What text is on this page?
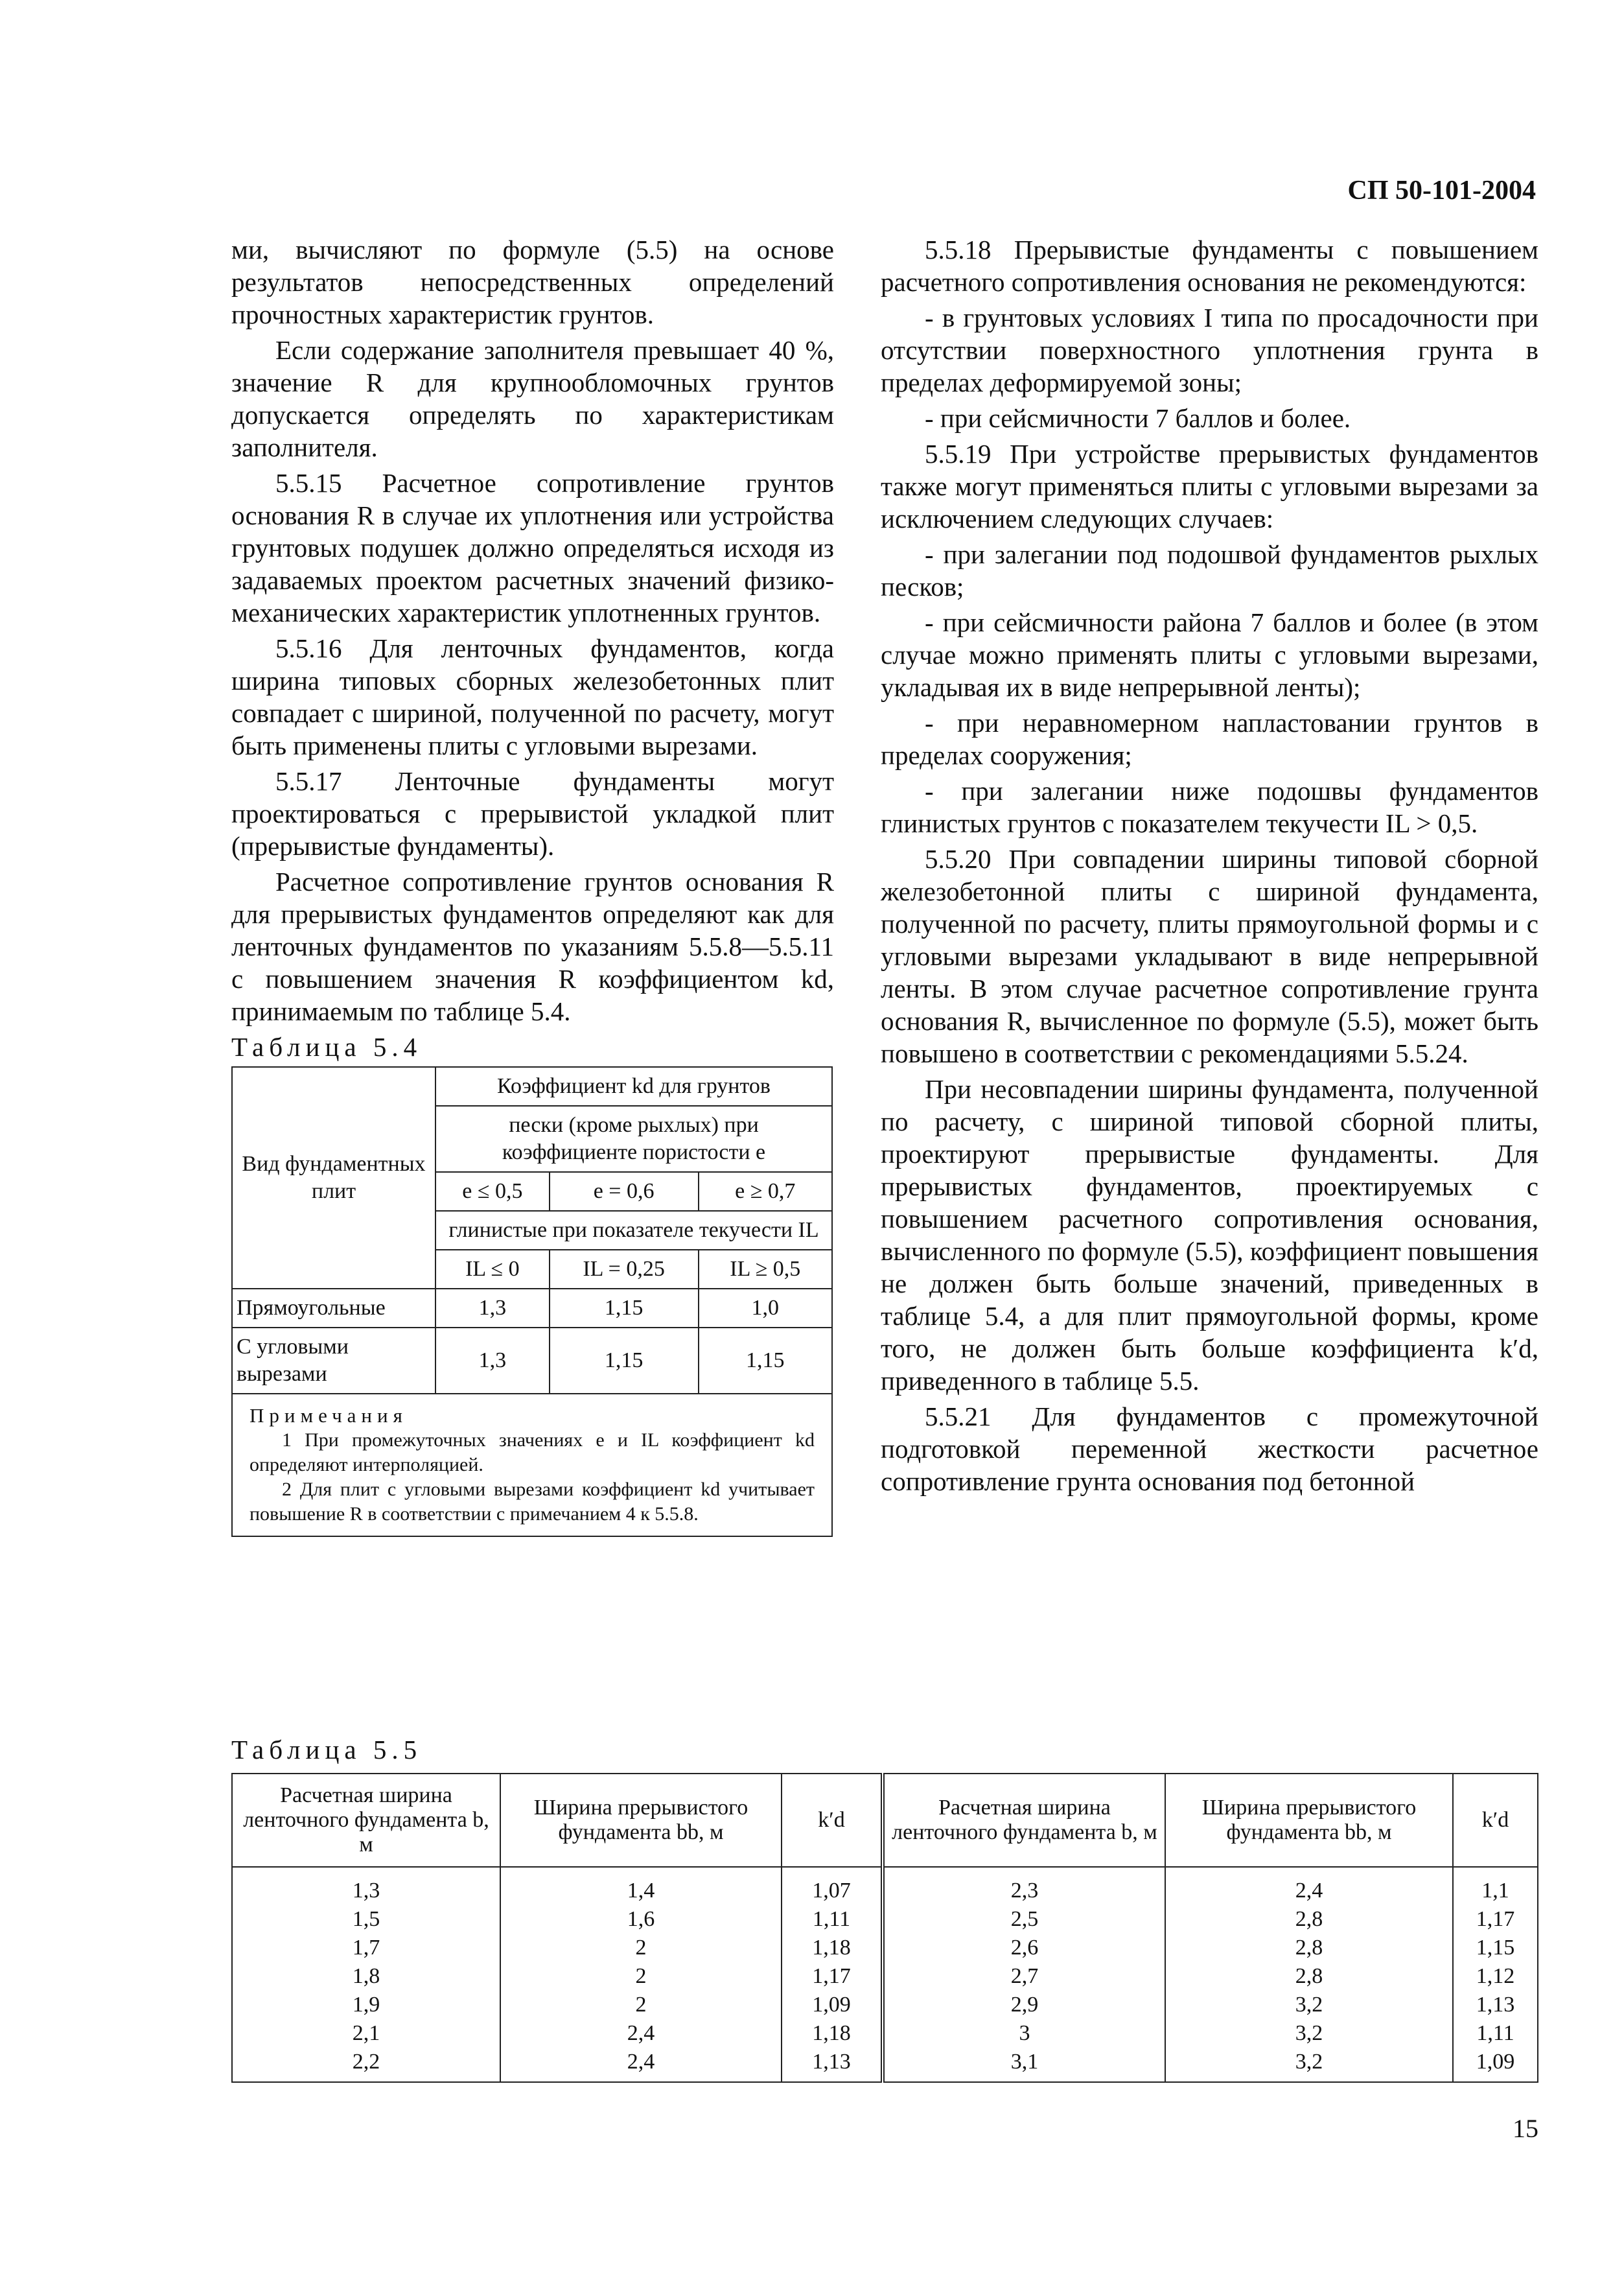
СП 50-101-2004

ми, вычисляют по формуле (5.5) на основе результатов непосредственных определений прочностных характеристик грунтов.

Если содержание заполнителя превышает 40 %, значение R для крупнообломочных грунтов допускается определять по характеристикам заполнителя.

5.5.15 Расчетное сопротивление грунтов основания R в случае их уплотнения или устройства грунтовых подушек должно определяться исходя из задаваемых проектом расчетных значений физико-механических характеристик уплотненных грунтов.

5.5.16 Для ленточных фундаментов, когда ширина типовых сборных железобетонных плит совпадает с шириной, полученной по расчету, могут быть применены плиты с угловыми вырезами.

5.5.17 Ленточные фундаменты могут проектироваться с прерывистой укладкой плит (прерывистые фундаменты).

Расчетное сопротивление грунтов основания R для прерывистых фундаментов определяют как для ленточных фундаментов по указаниям 5.5.8—5.5.11 с повышением значения R коэффициентом kd, принимаемым по таблице 5.4.

Таблица 5.4

Вид фундаментных плит	Коэффициент kd для грунтов		
	пески (кроме рыхлых) при коэффициенте пористости e		
	e ≤ 0,5	e = 0,6	e ≥ 0,7
	глинистые при показателе текучести IL		
	IL ≤ 0	IL = 0,25	IL ≥ 0,5
Прямоугольные	1,3	1,15	1,0
С угловыми вырезами	1,3	1,15	1,15

Примечания

1 При промежуточных значениях e и IL коэффициент kd определяют интерполяцией.

2 Для плит с угловыми вырезами коэффициент kd учитывает повышение R в соответствии с примечанием 4 к 5.5.8.			

5.5.18 Прерывистые фундаменты с повышением расчетного сопротивления основания не рекомендуются:

- в грунтовых условиях I типа по просадочности при отсутствии поверхностного уплотнения грунта в пределах деформируемой зоны;

- при сейсмичности 7 баллов и более.

5.5.19 При устройстве прерывистых фундаментов также могут применяться плиты с угловыми вырезами за исключением следующих случаев:

- при залегании под подошвой фундаментов рыхлых песков;

- при сейсмичности района 7 баллов и более (в этом случае можно применять плиты с угловыми вырезами, укладывая их в виде непрерывной ленты);

- при неравномерном напластовании грунтов в пределах сооружения;

- при залегании ниже подошвы фундаментов глинистых грунтов с показателем текучести IL > 0,5.

5.5.20 При совпадении ширины типовой сборной железобетонной плиты с шириной фундамента, полученной по расчету, плиты прямоугольной формы и с угловыми вырезами укладывают в виде непрерывной ленты. В этом случае расчетное сопротивление грунта основания R, вычисленное по формуле (5.5), может быть повышено в соответствии с рекомендациями 5.5.24.

При несовпадении ширины фундамента, полученной по расчету, с шириной типовой сборной плиты, проектируют прерывистые фундаменты. Для прерывистых фундаментов, проектируемых с повышением расчетного сопротивления основания, вычисленного по формуле (5.5), коэффициент повышения не должен быть больше значений, приведенных в таблице 5.4, а для плит прямоугольной формы, кроме того, не должен быть больше коэффициента k′d, приведенного в таблице 5.5.

5.5.21 Для фундаментов с промежуточной подготовкой переменной жесткости расчетное сопротивление грунта основания под бетонной

Таблица 5.5
Расчетная ширина ленточного фундамента b, м	Ширина прерывистого фундамента bb, м	k′d	Расчетная ширина ленточного фундамента b, м	Ширина прерывистого фундамента bb, м	k′d
1,3	1,4	1,07	2,3	2,4	1,1
1,5	1,6	1,11	2,5	2,8	1,17
1,7	2	1,18	2,6	2,8	1,15
1,8	2	1,17	2,7	2,8	1,12
1,9	2	1,09	2,9	3,2	1,13
2,1	2,4	1,18	3	3,2	1,11
2,2	2,4	1,13	3,1	3,2	1,09
15
